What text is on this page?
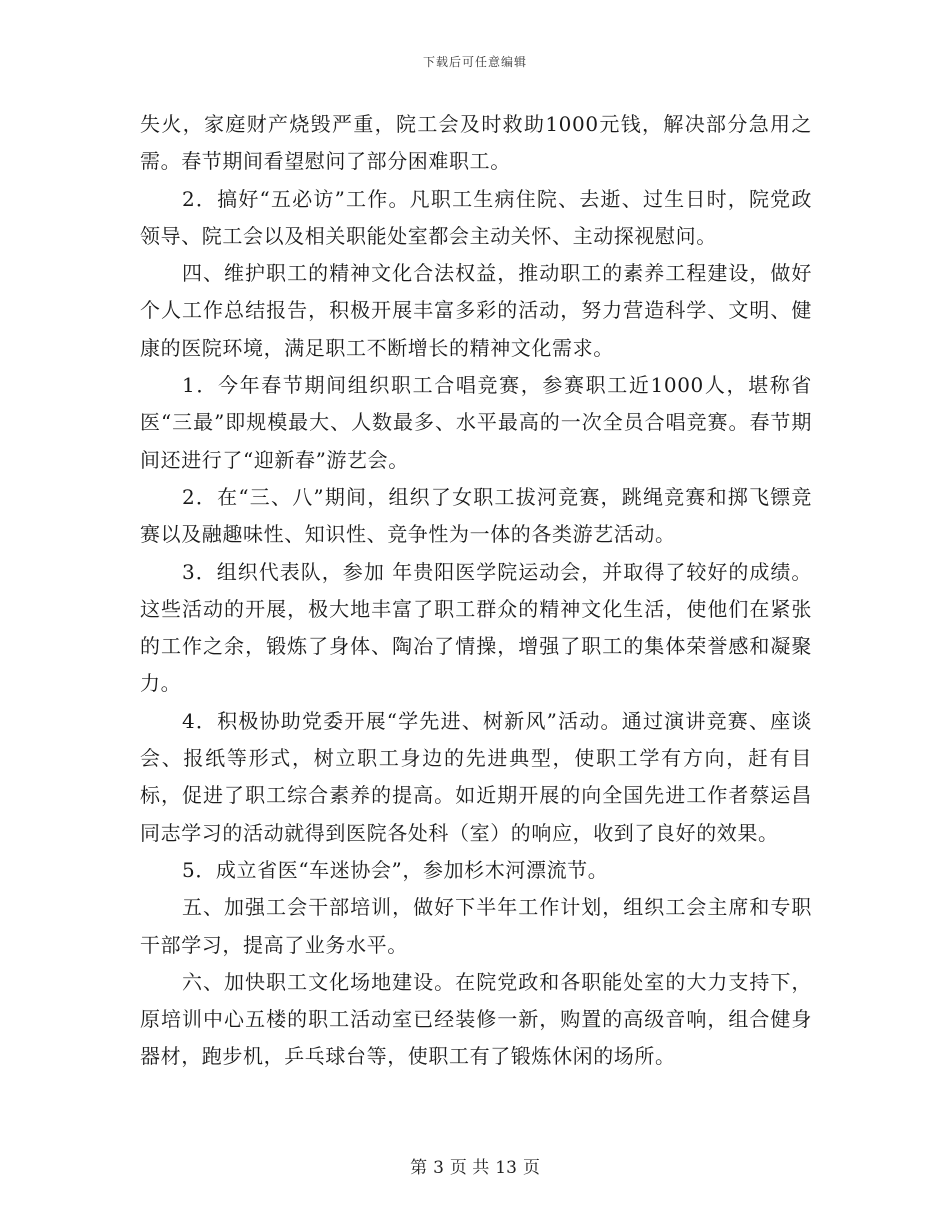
下载后可任意编辑

失火，家庭财产烧毁严重，院工会及时救助1000元钱，解决部分急用之需。春节期间看望慰问了部分困难职工。

2．搞好“五必访”工作。凡职工生病住院、去逝、过生日时，院党政领导、院工会以及相关职能处室都会主动关怀、主动探视慰问。

四、维护职工的精神文化合法权益，推动职工的素养工程建设，做好个人工作总结报告，积极开展丰富多彩的活动，努力营造科学、文明、健康的医院环境，满足职工不断增长的精神文化需求。

1．今年春节期间组织职工合唱竞赛，参赛职工近1000人，堪称省医“三最”即规模最大、人数最多、水平最高的一次全员合唱竞赛。春节期间还进行了“迎新春”游艺会。

2．在“三、八”期间，组织了女职工拔河竞赛，跳绳竞赛和掷飞镖竞赛以及融趣味性、知识性、竞争性为一体的各类游艺活动。

3．组织代表队，参加 年贵阳医学院运动会，并取得了较好的成绩。这些活动的开展，极大地丰富了职工群众的精神文化生活，使他们在紧张的工作之余，锻炼了身体、陶冶了情操，增强了职工的集体荣誉感和凝聚力。

4．积极协助党委开展“学先进、树新风”活动。通过演讲竞赛、座谈会、报纸等形式，树立职工身边的先进典型，使职工学有方向，赶有目标，促进了职工综合素养的提高。如近期开展的向全国先进工作者蔡运昌同志学习的活动就得到医院各处科（室）的响应，收到了良好的效果。

5．成立省医“车迷协会”，参加杉木河漂流节。

五、加强工会干部培训，做好下半年工作计划，组织工会主席和专职干部学习，提高了业务水平。

六、加快职工文化场地建设。在院党政和各职能处室的大力支持下，原培训中心五楼的职工活动室已经装修一新，购置的高级音响，组合健身器材，跑步机，乒乓球台等，使职工有了锻炼休闲的场所。

第 3 页 共 13 页
